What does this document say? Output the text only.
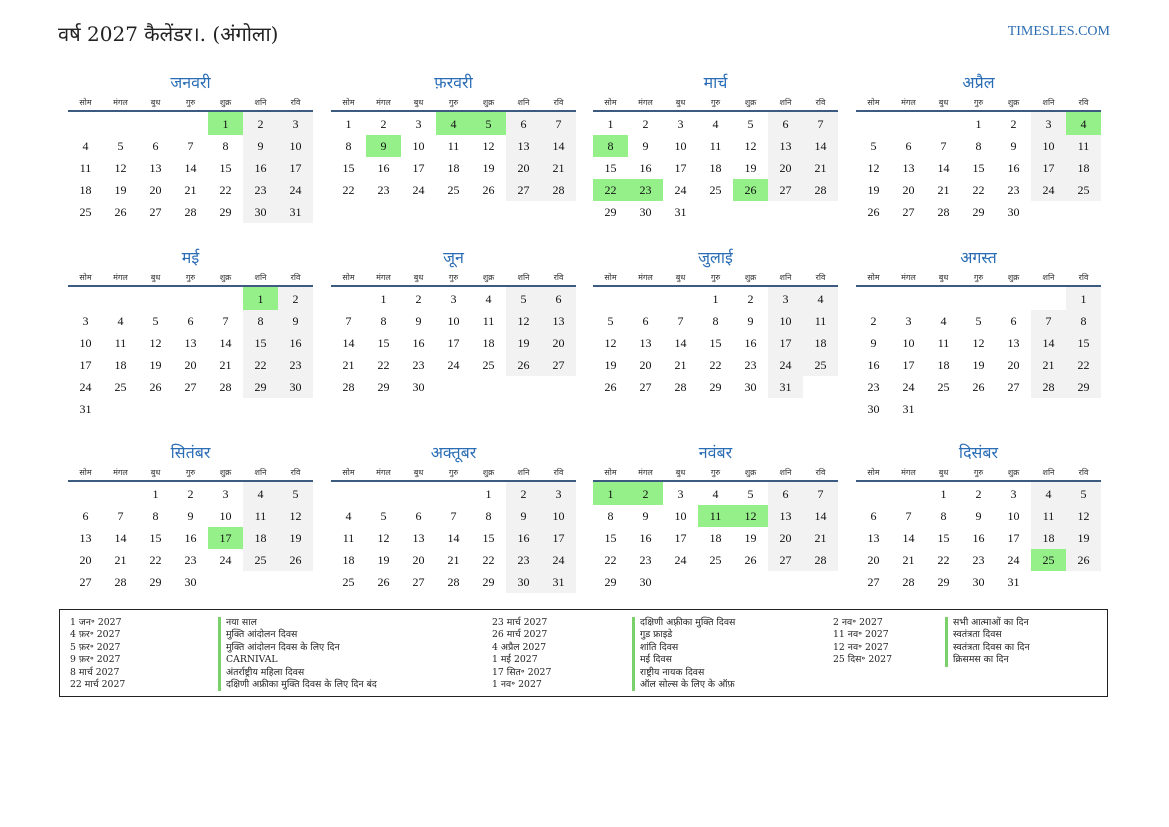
वर्ष 2027 कैलेंडर।. (अंगोला)	TIMESLES.COM
जनवरी
सोम	मंगल	बुध	गुरु	शुक्र	शनि	रवि
				1	2	3
4	5	6	7	8	9	10
11	12	13	14	15	16	17
18	19	20	21	22	23	24
25	26	27	28	29	30	31
फ़रवरी
सोम	मंगल	बुध	गुरु	शुक्र	शनि	रवि
1	2	3	4	5	6	7
8	9	10	11	12	13	14
15	16	17	18	19	20	21
22	23	24	25	26	27	28
मार्च
सोम	मंगल	बुध	गुरु	शुक्र	शनि	रवि
1	2	3	4	5	6	7
8	9	10	11	12	13	14
15	16	17	18	19	20	21
22	23	24	25	26	27	28
29	30	31				
अप्रैल
सोम	मंगल	बुध	गुरु	शुक्र	शनि	रवि
			1	2	3	4
5	6	7	8	9	10	11
12	13	14	15	16	17	18
19	20	21	22	23	24	25
26	27	28	29	30		
मई
सोम	मंगल	बुध	गुरु	शुक्र	शनि	रवि
					1	2
3	4	5	6	7	8	9
10	11	12	13	14	15	16
17	18	19	20	21	22	23
24	25	26	27	28	29	30
31						
जून
सोम	मंगल	बुध	गुरु	शुक्र	शनि	रवि
	1	2	3	4	5	6
7	8	9	10	11	12	13
14	15	16	17	18	19	20
21	22	23	24	25	26	27
28	29	30				
जुलाई
सोम	मंगल	बुध	गुरु	शुक्र	शनि	रवि
			1	2	3	4
5	6	7	8	9	10	11
12	13	14	15	16	17	18
19	20	21	22	23	24	25
26	27	28	29	30	31	
अगस्त
सोम	मंगल	बुध	गुरु	शुक्र	शनि	रवि
						1
2	3	4	5	6	7	8
9	10	11	12	13	14	15
16	17	18	19	20	21	22
23	24	25	26	27	28	29
30	31					
सितंबर
सोम	मंगल	बुध	गुरु	शुक्र	शनि	रवि
		1	2	3	4	5
6	7	8	9	10	11	12
13	14	15	16	17	18	19
20	21	22	23	24	25	26
27	28	29	30			
अक्तूबर
सोम	मंगल	बुध	गुरु	शुक्र	शनि	रवि
				1	2	3
4	5	6	7	8	9	10
11	12	13	14	15	16	17
18	19	20	21	22	23	24
25	26	27	28	29	30	31
नवंबर
सोम	मंगल	बुध	गुरु	शुक्र	शनि	रवि
1	2	3	4	5	6	7
8	9	10	11	12	13	14
15	16	17	18	19	20	21
22	23	24	25	26	27	28
29	30					
दिसंबर
सोम	मंगल	बुध	गुरु	शुक्र	शनि	रवि
		1	2	3	4	5
6	7	8	9	10	11	12
13	14	15	16	17	18	19
20	21	22	23	24	25	26
27	28	29	30	31		
1 जन॰ 2027	नया साल
4 फ़र॰ 2027	मुक्ति आंदोलन दिवस
5 फ़र॰ 2027	मुक्ति आंदोलन दिवस के लिए दिन
9 फ़र॰ 2027	CARNIVAL
8 मार्च 2027	अंतर्राष्ट्रीय महिला दिवस
22 मार्च 2027	दक्षिणी अफ्रीका मुक्ति दिवस के लिए दिन बंद
23 मार्च 2027	दक्षिणी अफ़्रीका मुक्ति दिवस
26 मार्च 2027	गुड फ्राइडे
4 अप्रैल 2027	शांति दिवस
1 मई 2027	मई दिवस
17 सित॰ 2027	राष्ट्रीय नायक दिवस
1 नव॰ 2027	ऑल सोल्स के लिए के ऑफ़
2 नव॰ 2027	सभी आत्माओं का दिन
11 नव॰ 2027	स्वतंत्रता दिवस
12 नव॰ 2027	स्वतंत्रता दिवस का दिन
25 दिस॰ 2027	क्रिसमस का दिन
